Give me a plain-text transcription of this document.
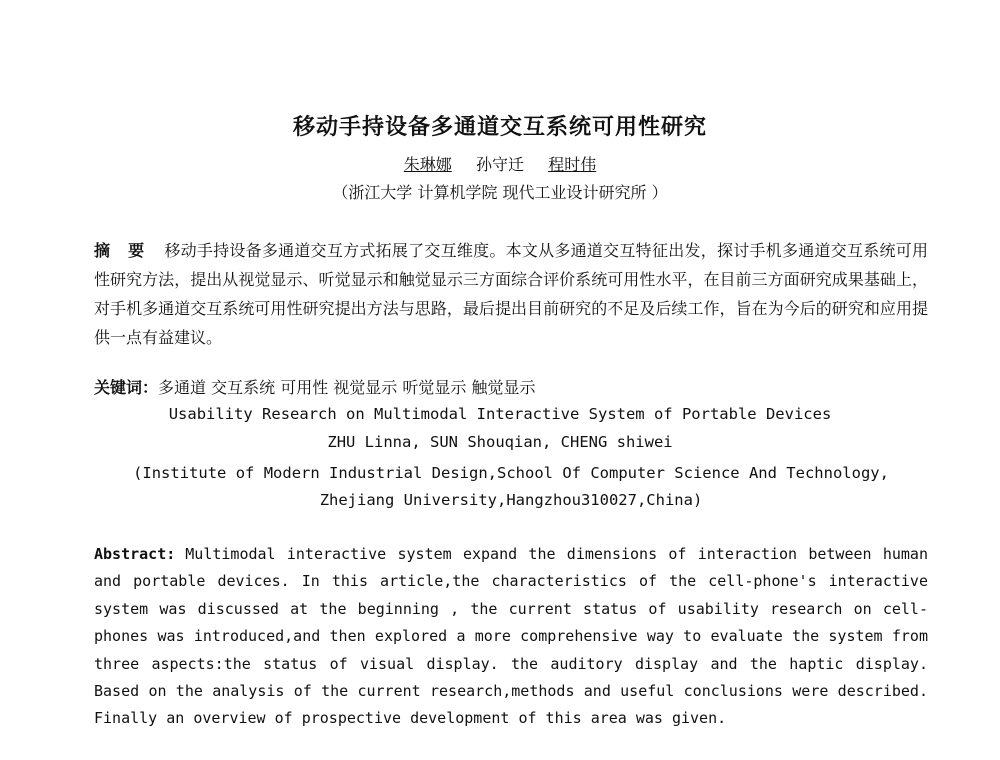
移动手持设备多通道交互系统可用性研究
朱琳娜 孙守迁 程时伟
（浙江大学 计算机学院 现代工业设计研究所 ）
摘 要 移动手持设备多通道交互方式拓展了交互维度。本文从多通道交互特征出发，探讨手机多通道交互系统可用性研究方法，提出从视觉显示、听觉显示和触觉显示三方面综合评价系统可用性水平，在目前三方面研究成果基础上，对手机多通道交互系统可用性研究提出方法与思路，最后提出目前研究的不足及后续工作，旨在为今后的研究和应用提供一点有益建议。
关键词：多通道 交互系统 可用性 视觉显示 听觉显示 触觉显示
Usability Research on Multimodal Interactive System of Portable Devices
ZHU Linna, SUN Shouqian, CHENG shiwei
(Institute of Modern Industrial Design,School Of Computer Science And Technology, Zhejiang University,Hangzhou310027,China)
Abstract: Multimodal interactive system expand the dimensions of interaction between human and portable devices. In this article,the characteristics of the cell-phone's interactive system was discussed at the beginning , the current status of usability research on cell-phones was introduced,and then explored a more comprehensive way to evaluate the system from three aspects:the status of visual display. the auditory display and the haptic display. Based on the analysis of the current research,methods and useful conclusions were described. Finally an overview of prospective development of this area was given.
